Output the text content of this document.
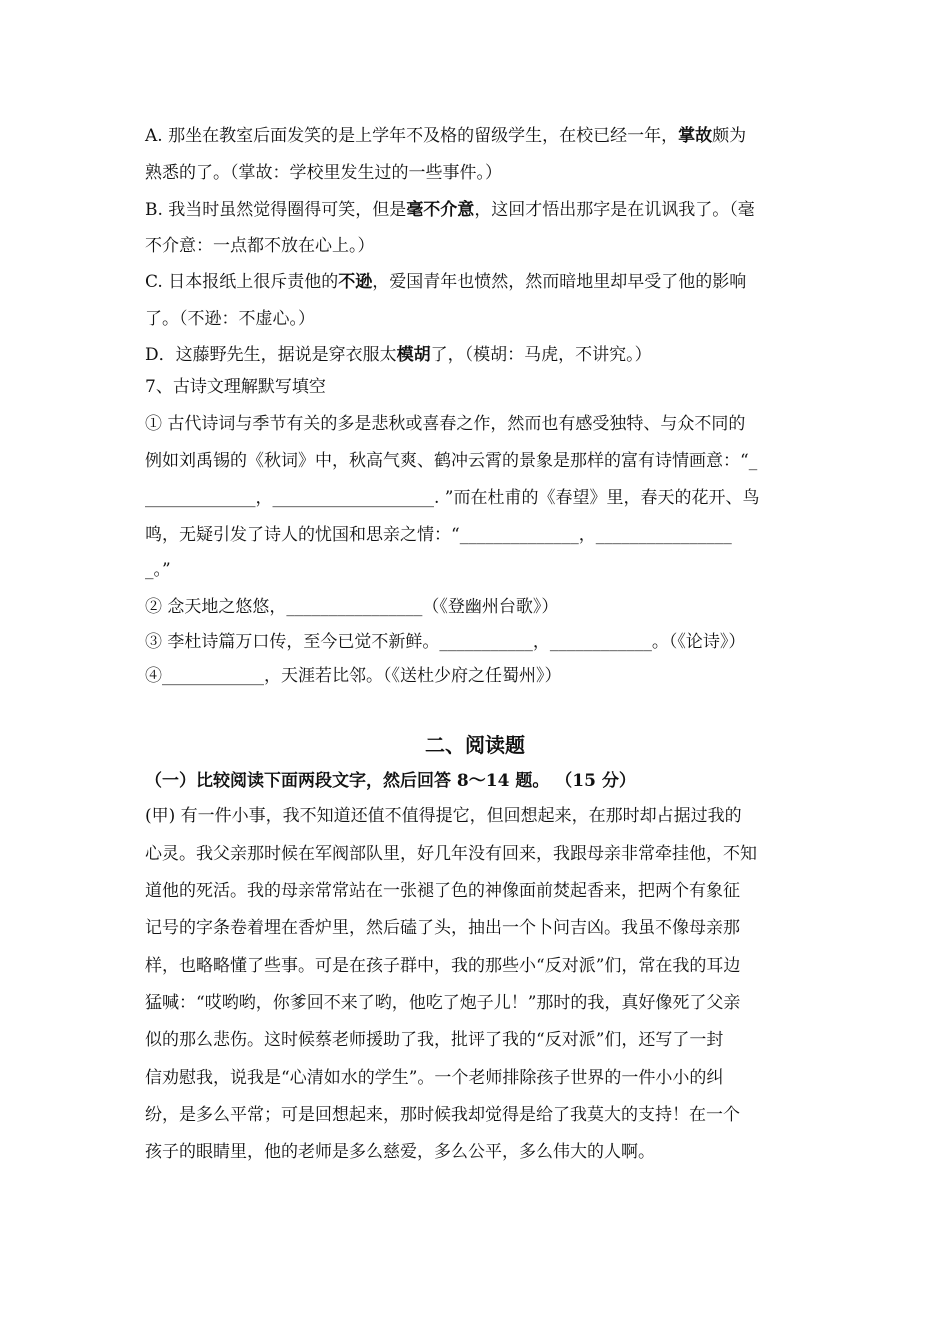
A. 那坐在教室后面发笑的是上学年不及格的留级学生，在校已经一年，掌故颇为
熟悉的了。（掌故：学校里发生过的一些事件。）
B. 我当时虽然觉得圈得可笑，但是毫不介意，这回才悟出那字是在讥讽我了。（毫
不介意：一点都不放在心上。）
C. 日本报纸上很斥责他的不逊，爱国青年也愤然，然而暗地里却早受了他的影响
了。（不逊：不虚心。）
D．这藤野先生，据说是穿衣服太模胡了，（模胡：马虎，不讲究。）
7、古诗文理解默写填空
① 古代诗词与季节有关的多是悲秋或喜春之作，然而也有感受独特、与众不同的
例如刘禹锡的《秋词》中，秋高气爽、鹤冲云霄的景象是那样的富有诗情画意：“_
_____________，___________________. ”而在杜甫的《春望》里，春天的花开、鸟
鸣，无疑引发了诗人的忧国和思亲之情：“______________，________________
_。”
② 念天地之悠悠，________________（《登幽州台歌》）
③ 李杜诗篇万口传，至今已觉不新鲜。___________，____________。（《论诗》）
④____________，天涯若比邻。（《送杜少府之任蜀州》）
二、阅读题
（一）比较阅读下面两段文字，然后回答 8～14 题。 （15 分）
(甲) 有一件小事，我不知道还值不值得提它，但回想起来，在那时却占据过我的
心灵。我父亲那时候在军阀部队里，好几年没有回来，我跟母亲非常牵挂他，不知
道他的死活。我的母亲常常站在一张褪了色的神像面前焚起香来，把两个有象征
记号的字条卷着埋在香炉里，然后磕了头，抽出一个卜问吉凶。我虽不像母亲那
样，也略略懂了些事。可是在孩子群中，我的那些小“反对派”们，常在我的耳边
猛喊：“哎哟哟，你爹回不来了哟，他吃了炮子儿！”那时的我，真好像死了父亲
似的那么悲伤。这时候蔡老师援助了我，批评了我的“反对派”们，还写了一封
信劝慰我，说我是“心清如水的学生”。一个老师排除孩子世界的一件小小的纠
纷，是多么平常；可是回想起来，那时候我却觉得是给了我莫大的支持！在一个
孩子的眼睛里，他的老师是多么慈爱，多么公平，多么伟大的人啊。
